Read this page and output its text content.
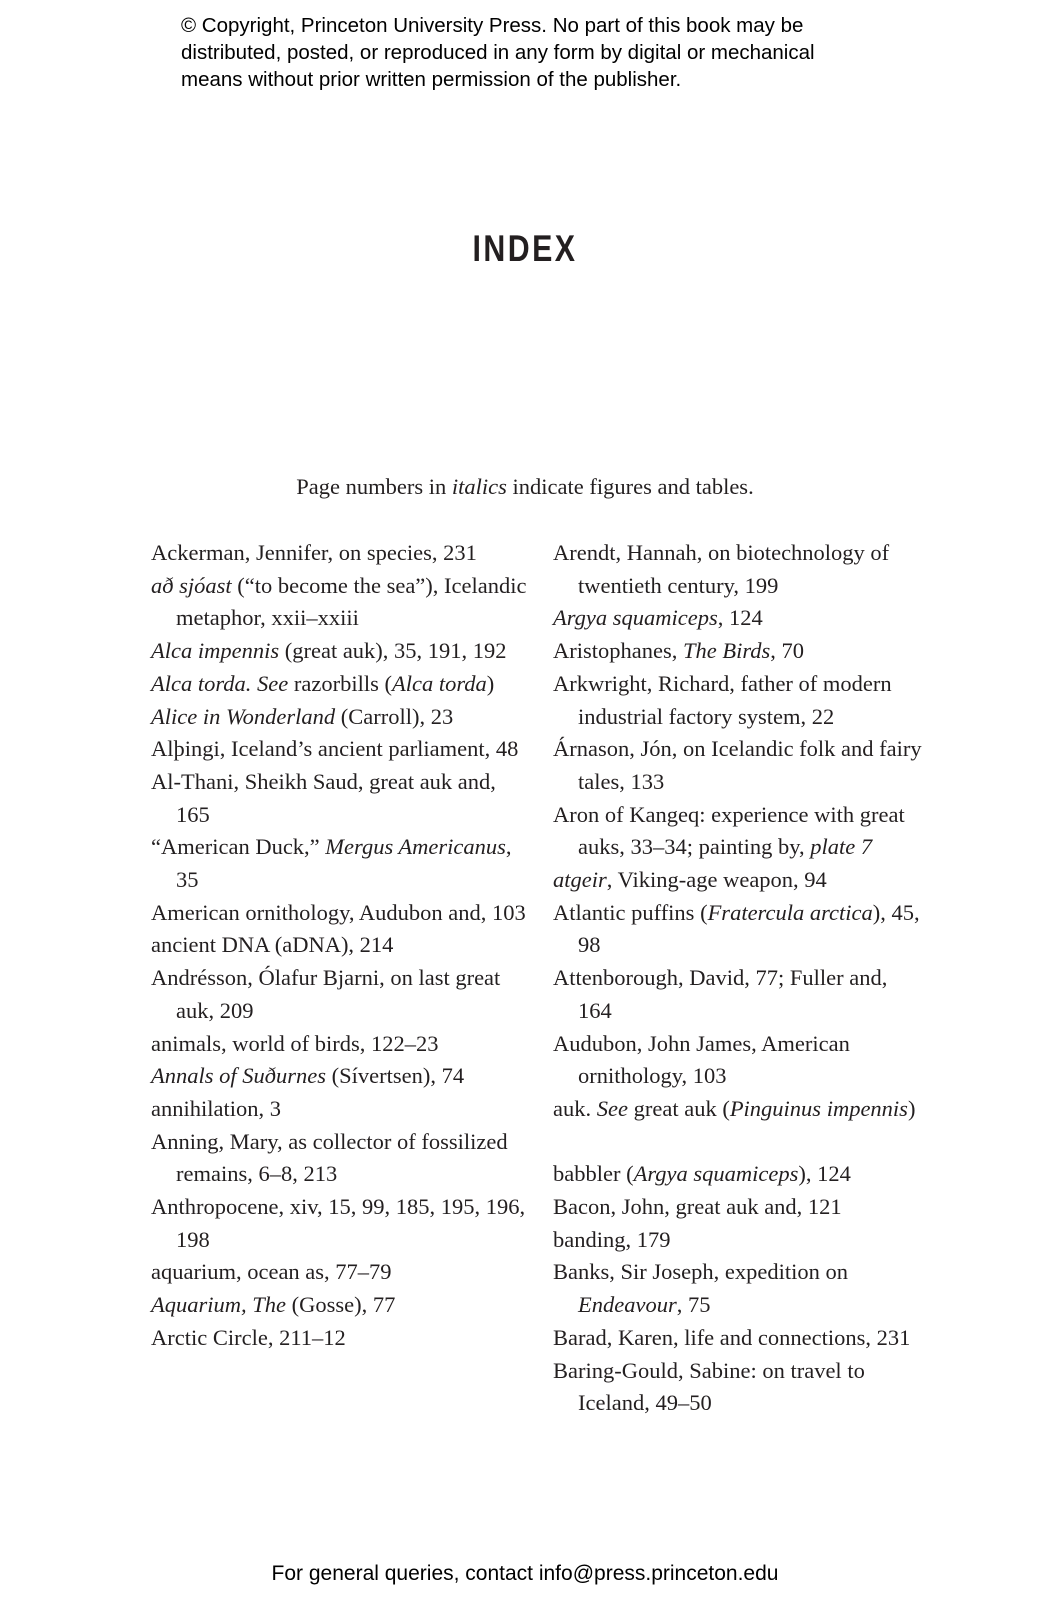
© Copyright, Princeton University Press. No part of this book may be
distributed, posted, or reproduced in any form by digital or mechanical
means without prior written permission of the publisher.
INDEX
Page numbers in italics indicate figures and tables.
Ackerman, Jennifer, on species, 231
að sjóast (“to become the sea”), Icelandic metaphor, xxii–xxiii
Alca impennis (great auk), 35, 191, 192
Alca torda. See razorbills (Alca torda)
Alice in Wonderland (Carroll), 23
Alþingi, Iceland’s ancient parliament, 48
Al-Thani, Sheikh Saud, great auk and, 165
“American Duck,” Mergus Americanus, 35
American ornithology, Audubon and, 103
ancient DNA (aDNA), 214
Andrésson, Ólafur Bjarni, on last great auk, 209
animals, world of birds, 122–23
Annals of Suðurnes (Sívertsen), 74
annihilation, 3
Anning, Mary, as collector of fossilized remains, 6–8, 213
Anthropocene, xiv, 15, 99, 185, 195, 196, 198
aquarium, ocean as, 77–79
Aquarium, The (Gosse), 77
Arctic Circle, 211–12
Arendt, Hannah, on biotechnology of twentieth century, 199
Argya squamiceps, 124
Aristophanes, The Birds, 70
Arkwright, Richard, father of modern industrial factory system, 22
Árnason, Jón, on Icelandic folk and fairy tales, 133
Aron of Kangeq: experience with great auks, 33–34; painting by, plate 7
atgeir, Viking-age weapon, 94
Atlantic puffins (Fratercula arctica), 45, 98
Attenborough, David, 77; Fuller and, 164
Audubon, John James, American ornithology, 103
auk. See great auk (Pinguinus impennis)
babbler (Argya squamiceps), 124
Bacon, John, great auk and, 121
banding, 179
Banks, Sir Joseph, expedition on Endeavour, 75
Barad, Karen, life and connections, 231
Baring-Gould, Sabine: on travel to Iceland, 49–50
For general queries, contact info@press.princeton.edu
